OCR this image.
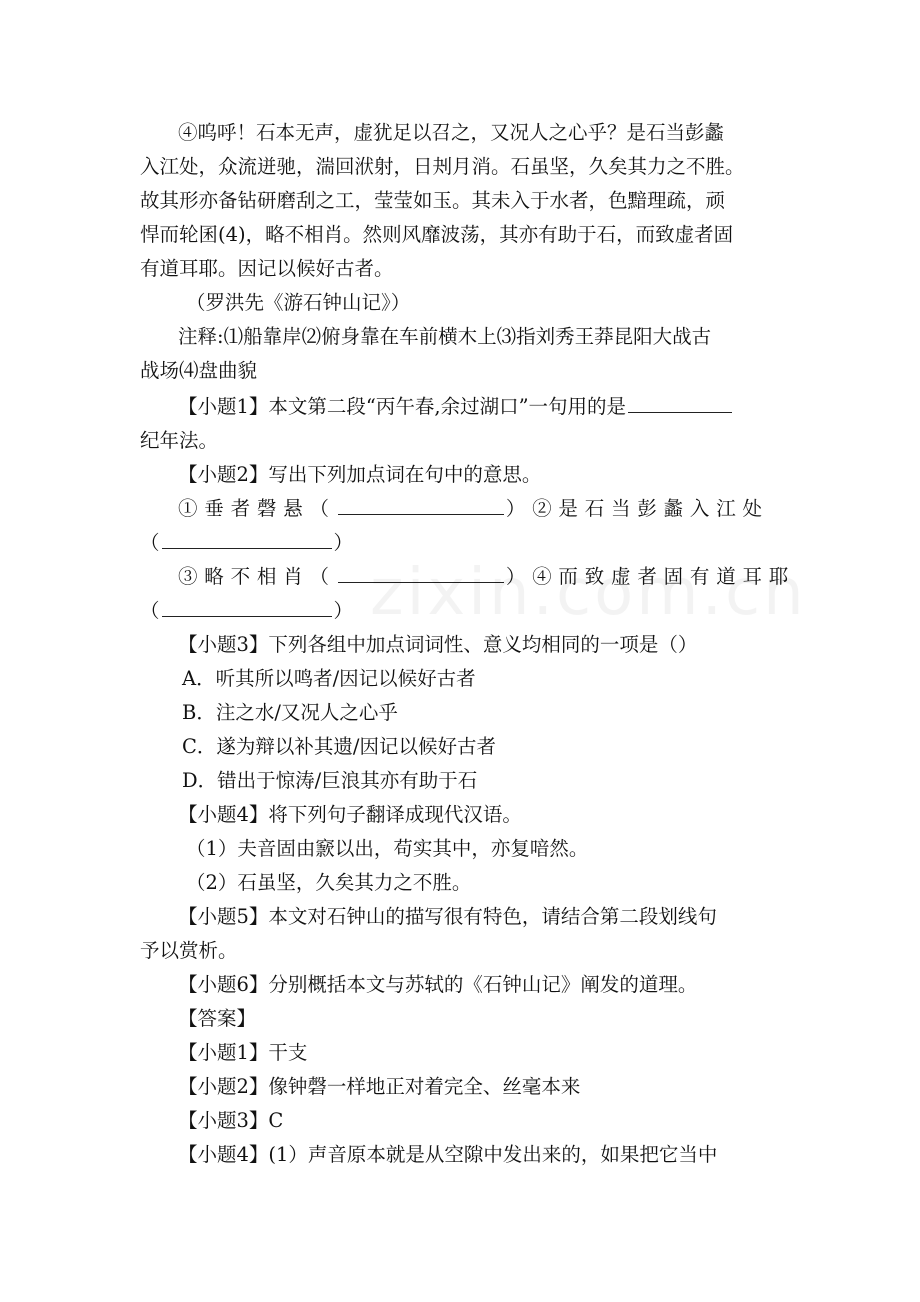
④呜呼！石本无声，虚犹足以召之，又况人之心乎？是石当彭蠡
入江处，众流迸驰，湍回洑射，日刔月消。石虽坚，久矣其力之不胜。
故其形亦备钻研磨刮之工，莹莹如玉。其未入于水者，色黯理疏，顽
悍而轮囷(4)，略不相肖。然则风靡波荡，其亦有助于石，而致虚者固
有道耳耶。因记以候好古者。
（罗洪先《游石钟山记》）
注释:⑴船靠岸⑵俯身靠在车前横木上⑶指刘秀王莽昆阳大战古
战场⑷盘曲貌
【小题1】本文第二段“丙午春,余过湖口”一句用的是
纪年法。
【小题2】写出下列加点词在句中的意思。
①垂者磬悬（	）②是石当彭蠡入江处
（	）
③略不相肖（	）④而致虚者固有道耳耶
（	）
【小题3】下列各组中加点词词性、意义均相同的一项是（）
A．听其所以鸣者/因记以候好古者
B．注之水/又况人之心乎
C．遂为辩以补其遗/因记以候好古者
D．错出于惊涛/巨浪其亦有助于石
【小题4】将下列句子翻译成现代汉语。
（1）夫音固由窾以出，苟实其中，亦复喑然。
（2）石虽坚，久矣其力之不胜。
【小题5】本文对石钟山的描写很有特色，请结合第二段划线句
予以赏析。
【小题6】分别概括本文与苏轼的《石钟山记》阐发的道理。
【答案】
【小题1】干支
【小题2】像钟磬一样地正对着完全、丝毫本来
【小题3】C
【小题4】(1）声音原本就是从空隙中发出来的，如果把它当中
